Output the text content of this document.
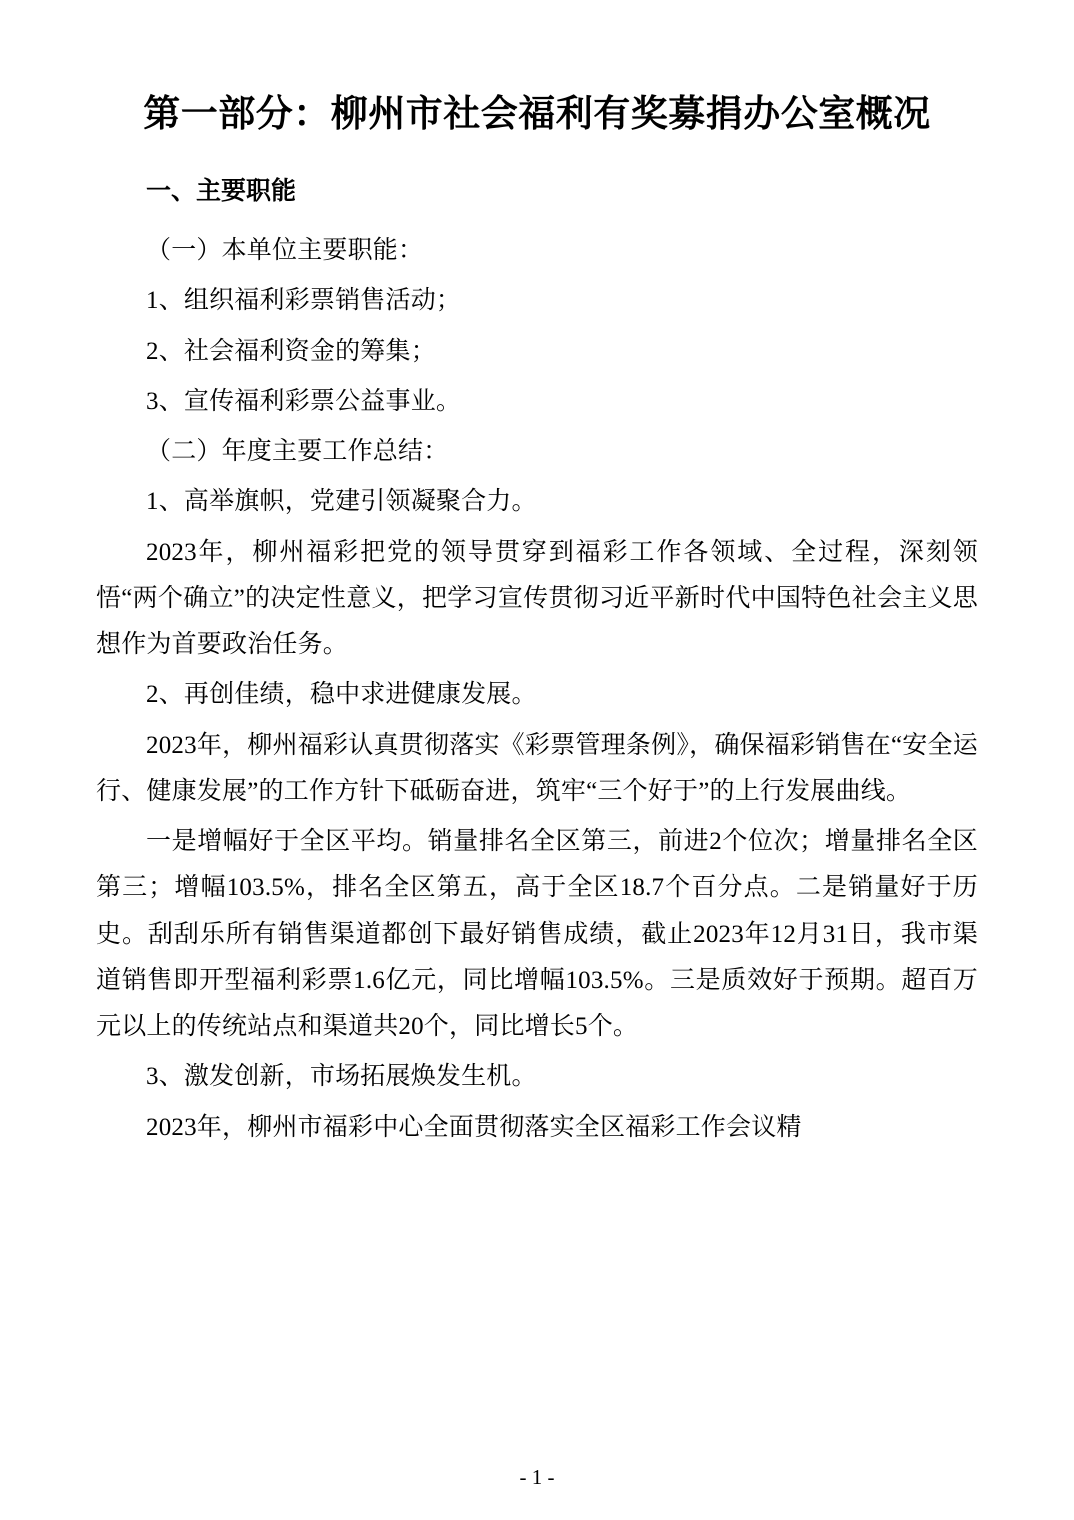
第一部分：柳州市社会福利有奖募捐办公室概况
一、主要职能

（一）本单位主要职能：

1、组织福利彩票销售活动；

2、社会福利资金的筹集；

3、宣传福利彩票公益事业。

（二）年度主要工作总结：

1、高举旗帜，党建引领凝聚合力。

2023年，柳州福彩把党的领导贯穿到福彩工作各领域、全过程，深刻领悟“两个确立”的决定性意义，把学习宣传贯彻习近平新时代中国特色社会主义思想作为首要政治任务。

2、再创佳绩，稳中求进健康发展。

2023年，柳州福彩认真贯彻落实《彩票管理条例》，确保福彩销售在“安全运行、健康发展”的工作方针下砥砺奋进，筑牢“三个好于”的上行发展曲线。

一是增幅好于全区平均。销量排名全区第三，前进2个位次；增量排名全区第三；增幅103.5%，排名全区第五，高于全区18.7个百分点。二是销量好于历史。刮刮乐所有销售渠道都创下最好销售成绩，截止2023年12月31日，我市渠道销售即开型福利彩票1.6亿元，同比增幅103.5%。三是质效好于预期。超百万元以上的传统站点和渠道共20个，同比增长5个。

3、激发创新，市场拓展焕发生机。

2023年，柳州市福彩中心全面贯彻落实全区福彩工作会议精

- 1 -
